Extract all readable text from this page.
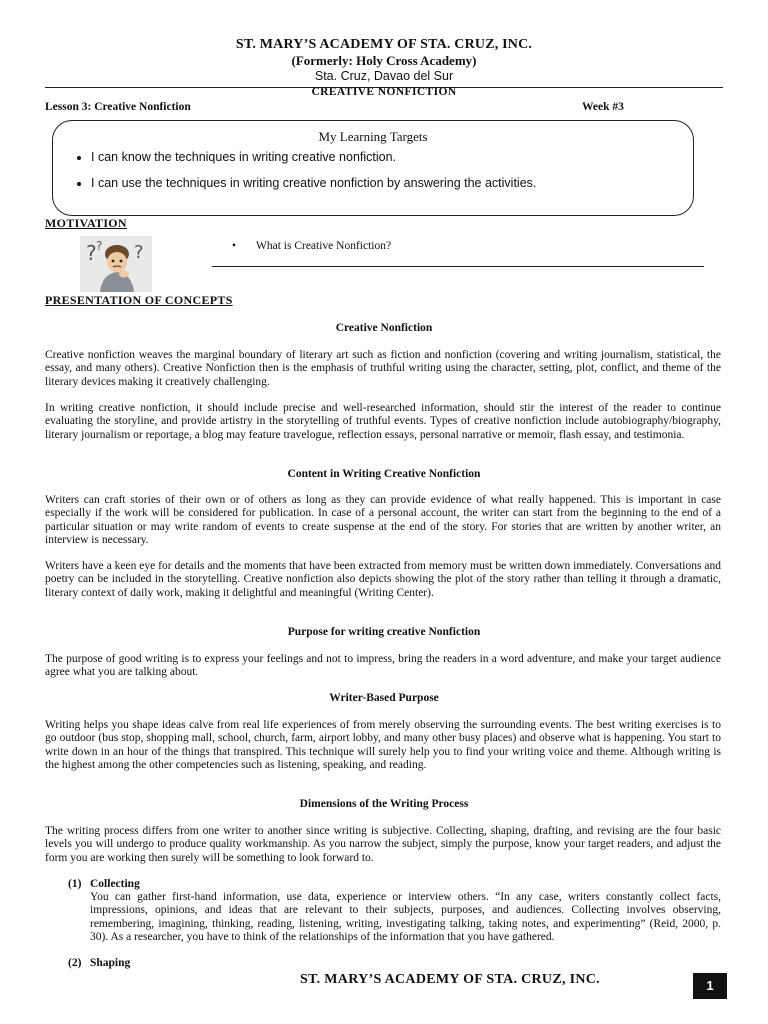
ST. MARY’S ACADEMY OF STA. CRUZ, INC.
(Formerly: Holy Cross Academy)
Sta. Cruz, Davao del Sur
CREATIVE NONFICTION
Lesson 3: Creative Nonfiction	Week #3
My Learning Targets
• I can know the techniques in writing creative nonfiction.
• I can use the techniques in writing creative nonfiction by answering the activities.
MOTIVATION
? ? ?	• What is Creative Nonfiction?
PRESENTATION OF CONCEPTS
Creative Nonfiction
Creative nonfiction weaves the marginal boundary of literary art such as fiction and nonfiction (covering and writing journalism, statistical, the essay, and many others). Creative Nonfiction then is the emphasis of truthful writing using the character, setting, plot, conflict, and theme of the literary devices making it creatively challenging.
In writing creative nonfiction, it should include precise and well-researched information, should stir the interest of the reader to continue evaluating the storyline, and provide artistry in the storytelling of truthful events. Types of creative nonfiction include autobiography/biography, literary journalism or reportage, a blog may feature travelogue, reflection essays, personal narrative or memoir, flash essay, and testimonia.
Content in Writing Creative Nonfiction
Writers can craft stories of their own or of others as long as they can provide evidence of what really happened. This is important in case especially if the work will be considered for publication. In case of a personal account, the writer can start from the beginning to the end of a particular situation or may write random of events to create suspense at the end of the story. For stories that are written by another writer, an interview is necessary.
Writers have a keen eye for details and the moments that have been extracted from memory must be written down immediately. Conversations and poetry can be included in the storytelling. Creative nonfiction also depicts showing the plot of the story rather than telling it through a dramatic, literary context of daily work, making it delightful and meaningful (Writing Center).
Purpose for writing creative Nonfiction
The purpose of good writing is to express your feelings and not to impress, bring the readers in a word adventure, and make your target audience agree what you are talking about.
Writer-Based Purpose
Writing helps you shape ideas calve from real life experiences of from merely observing the surrounding events. The best writing exercises is to go outdoor (bus stop, shopping mall, school, church, farm, airport lobby, and many other busy places) and observe what is happening. You start to write down in an hour of the things that transpired. This technique will surely help you to find your writing voice and theme. Although writing is the highest among the other competencies such as listening, speaking, and reading.
Dimensions of the Writing Process
The writing process differs from one writer to another since writing is subjective. Collecting, shaping, drafting, and revising are the four basic levels you will undergo to produce quality workmanship. As you narrow the subject, simply the purpose, know your target readers, and adjust the form you are working then surely will be something to look forward to.
(1) Collecting
You can gather first-hand information, use data, experience or interview others. “In any case, writers constantly collect facts, impressions, opinions, and ideas that are relevant to their subjects, purposes, and audiences. Collecting involves observing, remembering, imagining, thinking, reading, listening, writing, investigating talking, taking notes, and experimenting” (Reid, 2000, p. 30). As a researcher, you have to think of the relationships of the information that you have gathered.
(2) Shaping
ST. MARY’S ACADEMY OF STA. CRUZ, INC.	1
